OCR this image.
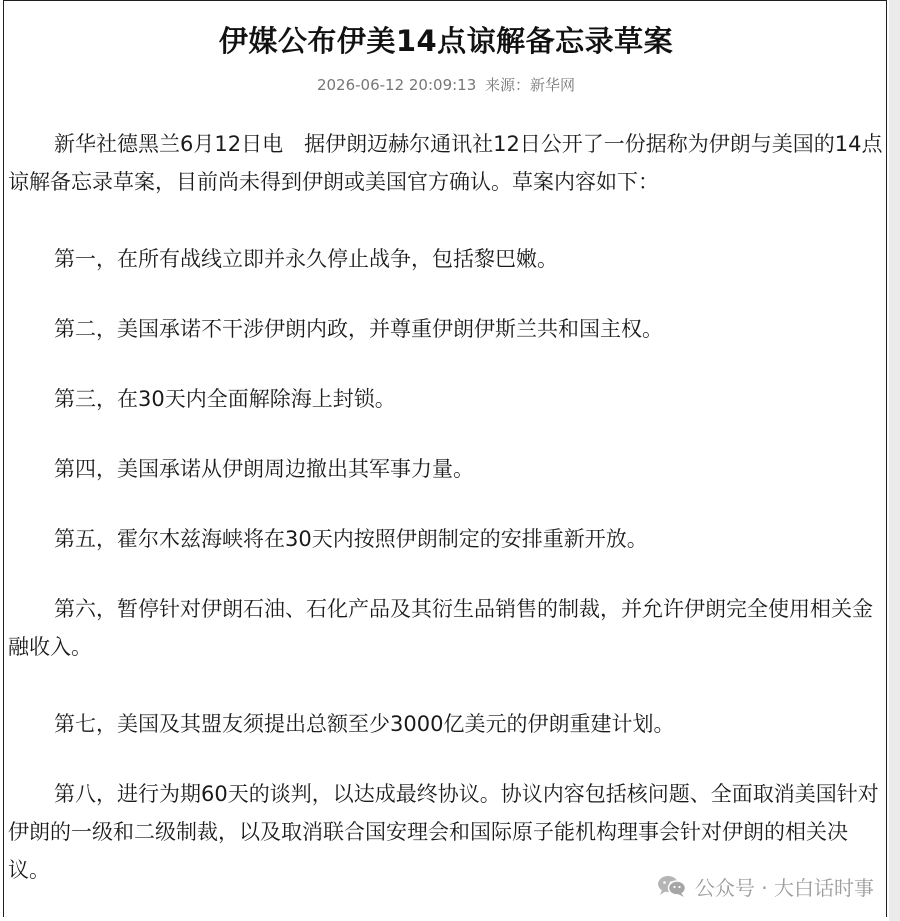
伊媒公布伊美14点谅解备忘录草案
2026-06-12 20:09:13 来源：新华网

新华社德黑兰6月12日电　据伊朗迈赫尔通讯社12日公开了一份据称为伊朗与美国的14点谅解备忘录草案，目前尚未得到伊朗或美国官方确认。草案内容如下：

第一，在所有战线立即并永久停止战争，包括黎巴嫩。

第二，美国承诺不干涉伊朗内政，并尊重伊朗伊斯兰共和国主权。

第三，在30天内全面解除海上封锁。

第四，美国承诺从伊朗周边撤出其军事力量。

第五，霍尔木兹海峡将在30天内按照伊朗制定的安排重新开放。

第六，暂停针对伊朗石油、石化产品及其衍生品销售的制裁，并允许伊朗完全使用相关金融收入。

第七，美国及其盟友须提出总额至少3000亿美元的伊朗重建计划。

第八，进行为期60天的谈判，以达成最终协议。协议内容包括核问题、全面取消美国针对伊朗的一级和二级制裁，以及取消联合国安理会和国际原子能机构理事会针对伊朗的相关决议。

公众号 · 大白话时事
